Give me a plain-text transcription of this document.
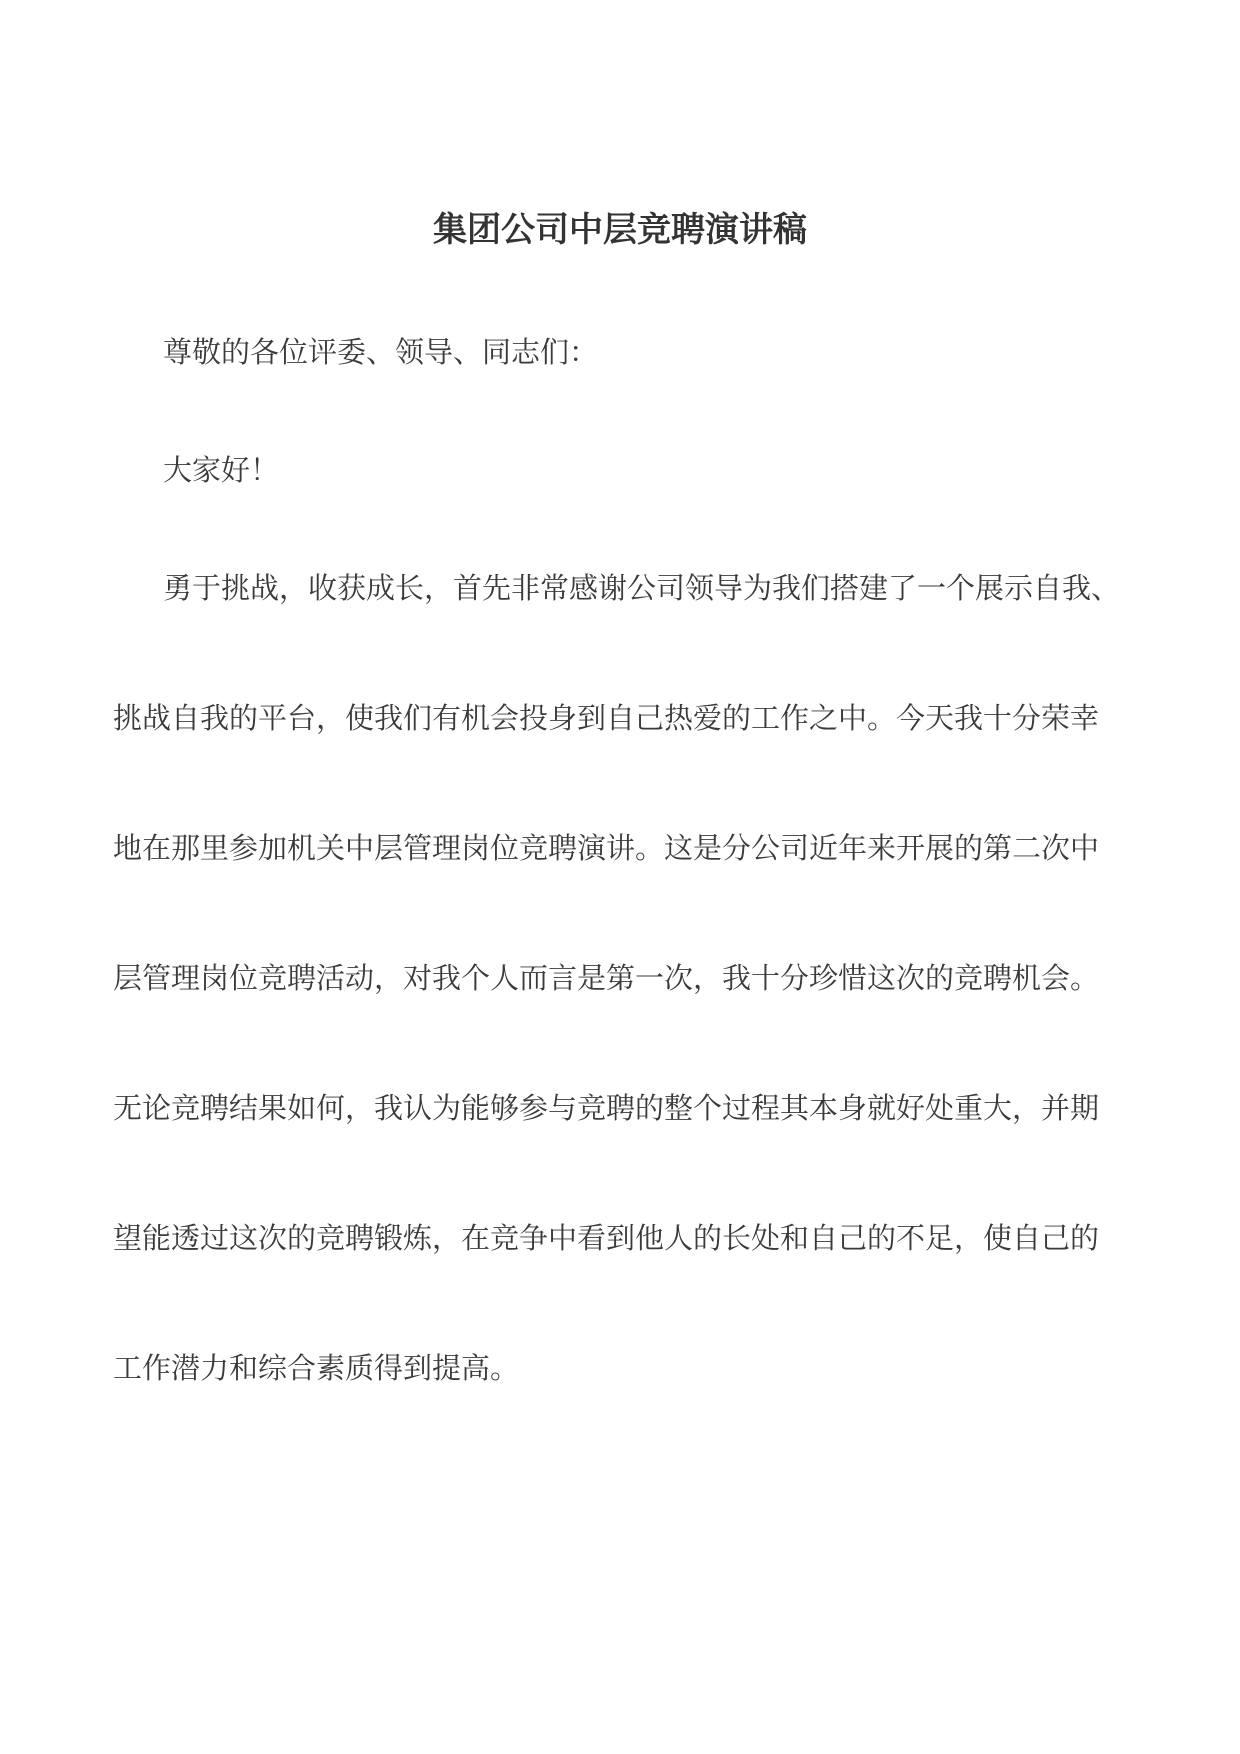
集团公司中层竞聘演讲稿
尊敬的各位评委、领导、同志们：
大家好！
勇于挑战，收获成长，首先非常感谢公司领导为我们搭建了一个展示自我、
挑战自我的平台，使我们有机会投身到自己热爱的工作之中。今天我十分荣幸
地在那里参加机关中层管理岗位竞聘演讲。这是分公司近年来开展的第二次中
层管理岗位竞聘活动，对我个人而言是第一次，我十分珍惜这次的竞聘机会。
无论竞聘结果如何，我认为能够参与竞聘的整个过程其本身就好处重大，并期
望能透过这次的竞聘锻炼，在竞争中看到他人的长处和自己的不足，使自己的
工作潜力和综合素质得到提高。
